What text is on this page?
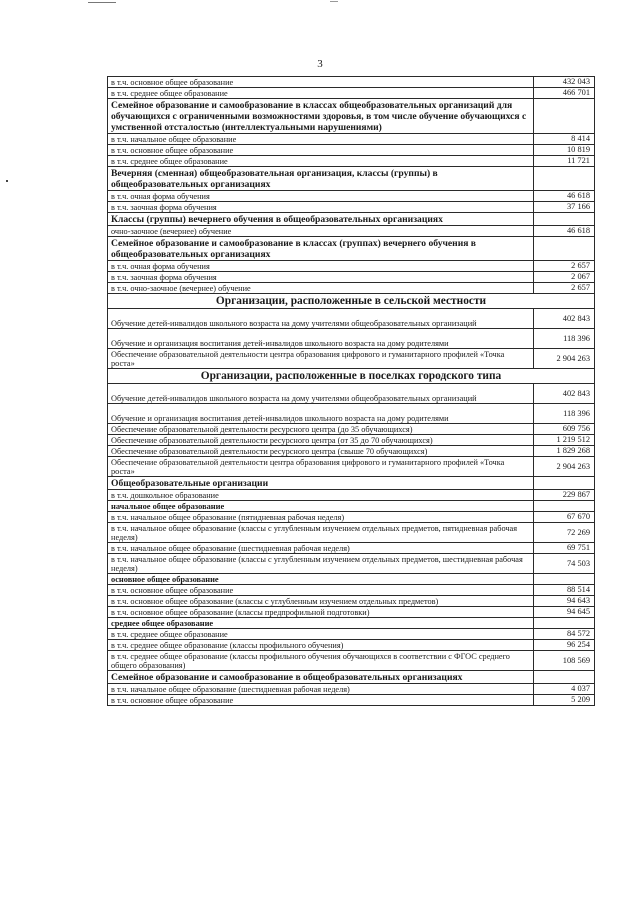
3
в т.ч. основное общее образование	432 043
в т.ч. среднее общее образование	466 701
Семейное образование и самообразование в классах общеобразовательных организаций для обучающихся с ограниченными возможностями здоровья, в том числе обучение обучающихся с умственной отсталостью (интеллектуальными нарушениями)	
в т.ч. начальное общее образование	8 414
в т.ч. основное общее образование	10 819
в т.ч. среднее общее образование	11 721
Вечерняя (сменная) общеобразовательная организация, классы (группы) в общеобразовательных организациях	
в т.ч. очная форма обучения	46 618
в т.ч. заочная форма обучения	37 166
Классы (группы) вечернего обучения в общеобразовательных организациях	
очно-заочное (вечернее) обучение	46 618
Семейное образование и самообразование в классах (группах) вечернего обучения в общеобразовательных организациях	
в т.ч. очная форма обучения	2 657
в т.ч. заочная форма обучения	2 067
в т.ч. очно-заочное (вечернее) обучение	2 657
Организации, расположенные в сельской местности	
Обучение детей-инвалидов школьного возраста на дому учителями общеобразовательных организаций	402 843
Обучение и организация воспитания детей-инвалидов школьного возраста на дому родителями	118 396
Обеспечение образовательной деятельности центра образования цифрового и гуманитарного профилей «Точка роста»	2 904 263
Организации, расположенные в поселках городского типа	
Обучение детей-инвалидов школьного возраста на дому учителями общеобразовательных организаций	402 843
Обучение и организация воспитания детей-инвалидов школьного возраста на дому родителями	118 396
Обеспечение образовательной деятельности ресурсного центра (до 35 обучающихся)	609 756
Обеспечение образовательной деятельности ресурсного центра (от 35 до 70 обучающихся)	1 219 512
Обеспечение образовательной деятельности ресурсного центра (свыше 70 обучающихся)	1 829 268
Обеспечение образовательной деятельности центра образования цифрового и гуманитарного профилей «Точка роста»	2 904 263
Общеобразовательные организации	
в т.ч. дошкольное образование	229 867
начальное общее образование	
в т.ч. начальное общее образование (пятидневная рабочая неделя)	67 670
в т.ч. начальное общее образование (классы с углубленным изучением отдельных предметов, пятидневная рабочая неделя)	72 269
в т.ч. начальное общее образование (шестидневная рабочая неделя)	69 751
в т.ч. начальное общее образование (классы с углубленным изучением отдельных предметов, шестидневная рабочая неделя)	74 503
основное общее образование	
в т.ч. основное общее образование	88 514
в т.ч. основное общее образование (классы с углубленным изучением отдельных предметов)	94 643
в т.ч. основное общее образование (классы предпрофильной подготовки)	94 645
среднее общее образование	
в т.ч. среднее общее образование	84 572
в т.ч. среднее общее образование (классы профильного обучения)	96 254
в т.ч. среднее общее образование (классы профильного обучения обучающихся в соответствии с ФГОС среднего общего образования)	108 569
Семейное образование и самообразование в общеобразовательных организациях	
в т.ч. начальное общее образование (шестидневная рабочая неделя)	4 037
в т.ч. основное общее образование	5 209
